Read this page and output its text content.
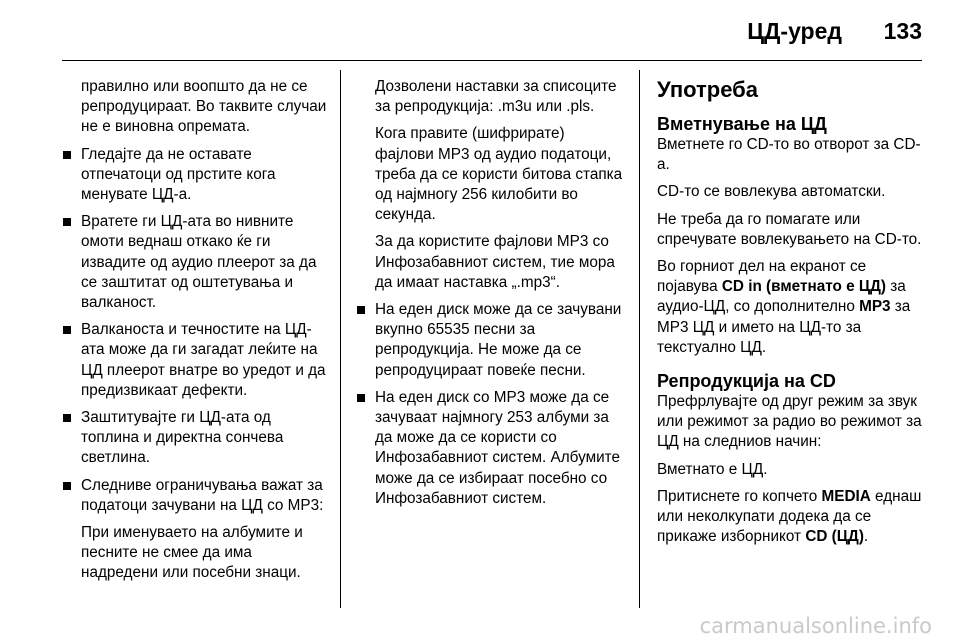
ЦД-уред 133

правилно или воопшто да не се репродуцираат. Во таквите случаи не е виновна опремата.

Гледајте да не оставате отпечатоци од прстите кога менувате ЦД-а.
Вратете ги ЦД-ата во нивните омоти веднаш откако ќе ги извадите од аудио плеерот за да се заштитат од оштетувања и валканост.
Валканоста и течностите на ЦД-ата може да ги загадат леќите на ЦД плеерот внатре во уредот и да предизвикаат дефекти.
Заштитувајте ги ЦД-ата од топлина и директна сончева светлина.
Следниве ограничувања важат за податоци зачувани на ЦД со MP3:

При именуваето на албумите и песните не смее да има надредени или посебни знаци.

Дозволени наставки за списоците за репродукција: .m3u или .pls.

Кога правите (шифрирате) фајлови MP3 од аудио податоци, треба да се користи битова стапка од најмногу 256 килобити во секунда.

За да користите фајлови MP3 со Инфозабавниот систем, тие мора да имаат наставка „.mp3“.

На еден диск може да се зачувани вкупно 65535 песни за репродукција. Не може да се репродуцираат повеќе песни.
На еден диск со MP3 може да се зачуваат најмногу 253 албуми за да може да се користи со Инфозабавниот систем. Албумите може да се избираат посебно со Инфозабавниот систем.
Употреба
Вметнување на ЦД

Вметнете го CD-то во отворот за CD-а.

CD-то се вовлекува автоматски.

Не треба да го помагате или спречувате вовлекувањето на CD-то.

Во горниот дел на екранот се појавува CD in (вметнато е ЦД) за аудио-ЦД, со дополнително MP3 за MP3 ЦД и името на ЦД-то за текстуално ЦД.

Репродукција на CD

Префрлувајте од друг режим за звук или режимот за радио во режимот за ЦД на следниов начин:

Вметнато е ЦД.

Притиснете го копчето MEDIA еднаш или неколкупати додека да се прикаже изборникот CD (ЦД).

carmanualsonline.info
